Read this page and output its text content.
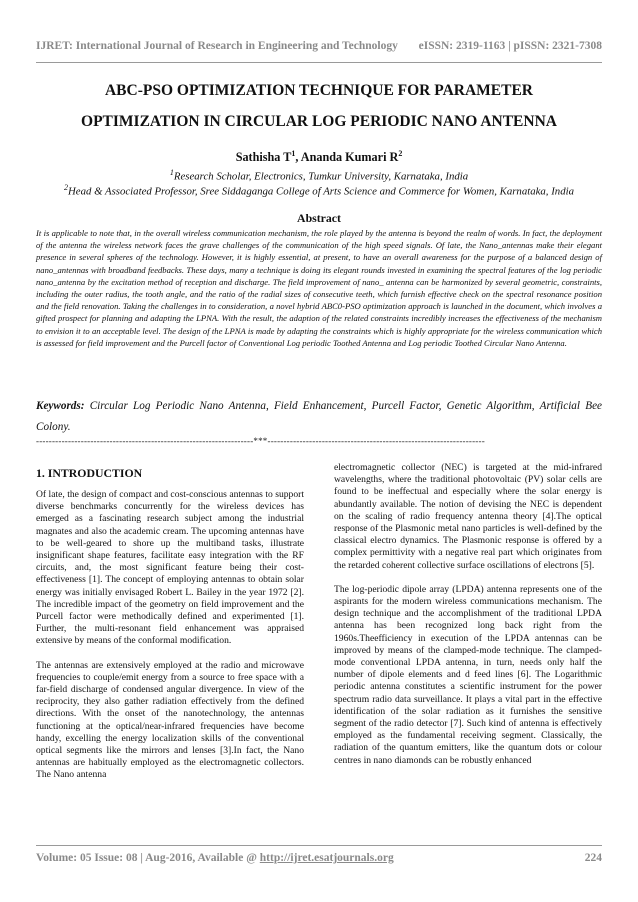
IJRET: International Journal of Research in Engineering and Technology eISSN: 2319-1163 | pISSN: 2321-7308
ABC-PSO OPTIMIZATION TECHNIQUE FOR PARAMETER
OPTIMIZATION IN CIRCULAR LOG PERIODIC NANO ANTENNA
Sathisha $T^1$, Ananda Kumari $R^2$
$^1$Research Scholar, Electronics, Tumkur University, Karnataka, India
$^2$Head & Associated Professor, Sree Siddaganga College of Arts Science and Commerce for Women, Karnataka, India
Abstract

It is applicable to note that, in the overall wireless communication mechanism, the role played by the antenna is beyond the realm of words. In fact, the deployment of the antenna the wireless network faces the grave challenges of the communication of the high speed signals. Of late, the Nano_antennas make their elegant presence in several spheres of the technology. However, it is highly essential, at present, to have an overall awareness for the purpose of a balanced design of nano_antennas with broadband feedbacks. These days, many a technique is doing its elegant rounds invested in examining the spectral features of the log periodic nano_antenna by the excitation method of reception and discharge. The field improvement of nano_ antenna can be harmonized by several geometric, constraints, including the outer radius, the tooth angle, and the ratio of the radial sizes of consecutive teeth, which furnish effective check on the spectral resonance position and the field renovation. Taking the challenges in to consideration, a novel hybrid ABC0-PSO optimization approach is launched in the document, which involves a gifted prospect for planning and adapting the LPNA. With the result, the adaption of the related constraints incredibly increases the effectiveness of the mechanism to envision it to an acceptable level. The design of the LPNA is made by adapting the constraints which is highly appropriate for the wireless communication which is assessed for field improvement and the Purcell factor of Conventional Log periodic Toothed Antenna and Log periodic Toothed Circular Nano Antenna.

Keywords: Circular Log Periodic Nano Antenna, Field Enhancement, Purcell Factor, Genetic Algorithm, Artificial Bee Colony.

--------------------------------------------------------------------***--------------------------------------------------------------------
1. INTRODUCTION

Of late, the design of compact and cost-conscious antennas to support diverse benchmarks concurrently for the wireless devices has emerged as a fascinating research subject among the industrial magnates and also the academic cream. The upcoming antennas have to be well-geared to shore up the multiband tasks, illustrate insignificant shape features, facilitate easy integration with the RF circuits, and, the most significant feature being their cost-effectiveness [1]. The concept of employing antennas to obtain solar energy was initially envisaged Robert L. Bailey in the year 1972 [2]. The incredible impact of the geometry on field improvement and the Purcell factor were methodically defined and experimented [1]. Further, the multi-resonant field enhancement was appraised extensive by means of the conformal modification.

The antennas are extensively employed at the radio and microwave frequencies to couple/emit energy from a source to free space with a far-field discharge of condensed angular divergence. In view of the reciprocity, they also gather radiation effectively from the defined directions. With the onset of the nanotechnology, the antennas functioning at the optical/near-infrared frequencies have become handy, excelling the energy localization skills of the conventional optical segments like the mirrors and lenses [3].In fact, the Nano antennas are habitually employed as the electromagnetic collectors. The Nano antenna

electromagnetic collector (NEC) is targeted at the mid-infrared wavelengths, where the traditional photovoltaic (PV) solar cells are found to be ineffectual and especially where the solar energy is abundantly available. The notion of devising the NEC is dependent on the scaling of radio frequency antenna theory [4].The optical response of the Plasmonic metal nano particles is well-defined by the classical electro dynamics. The Plasmonic response is offered by a complex permittivity with a negative real part which originates from the retarded coherent collective surface oscillations of electrons [5].

The log-periodic dipole array (LPDA) antenna represents one of the aspirants for the modern wireless communications mechanism. The design technique and the accomplishment of the traditional LPDA antenna has been recognized long back right from the 1960s.Theefficiency in execution of the LPDA antennas can be improved by means of the clamped-mode technique. The clamped-mode conventional LPDA antenna, in turn, needs only half the number of dipole elements and d feed lines [6]. The Logarithmic periodic antenna constitutes a scientific instrument for the power spectrum radio data surveillance. It plays a vital part in the effective identification of the solar radiation as it furnishes the sensitive segment of the radio detector [7]. Such kind of antenna is effectively employed as the fundamental receiving segment. Classically, the radiation of the quantum emitters, like the quantum dots or colour centres in nano diamonds can be robustly enhanced

Volume: 05 Issue: 08 | Aug-2016, Available @ http://ijret.esatjournals.org	224
